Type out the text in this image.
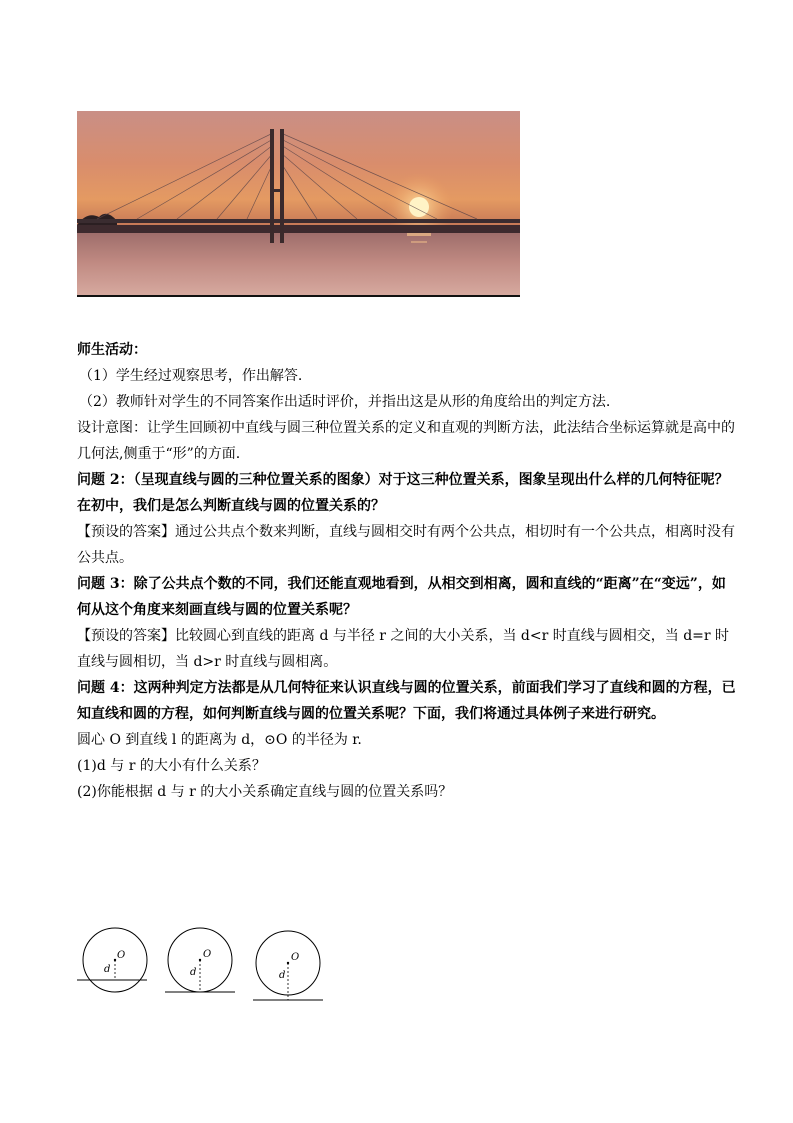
师生活动：

（1）学生经过观察思考，作出解答.

（2）教师针对学生的不同答案作出适时评价，并指出这是从形的角度给出的判定方法.

设计意图：让学生回顾初中直线与圆三种位置关系的定义和直观的判断方法，此法结合坐标运算就是高中的几何法,侧重于“形”的方面.

问题 2：（呈现直线与圆的三种位置关系的图象）对于这三种位置关系，图象呈现出什么样的几何特征呢？在初中，我们是怎么判断直线与圆的位置关系的？

【预设的答案】通过公共点个数来判断，直线与圆相交时有两个公共点，相切时有一个公共点，相离时没有公共点。

问题 3：除了公共点个数的不同，我们还能直观地看到，从相交到相离，圆和直线的“距离”在“变远”，如何从这个角度来刻画直线与圆的位置关系呢？

【预设的答案】比较圆心到直线的距离 d 与半径 r 之间的大小关系，当 d<r 时直线与圆相交，当 d=r 时直线与圆相切，当 d>r 时直线与圆相离。

问题 4：这两种判定方法都是从几何特征来认识直线与圆的位置关系，前面我们学习了直线和圆的方程，已知直线和圆的方程，如何判断直线与圆的位置关系呢？下面，我们将通过具体例子来进行研究。

圆心 O 到直线 l 的距离为 d，⊙O 的半径为 r.

(1)d 与 r 的大小有什么关系？

(2)你能根据 d 与 r 的大小关系确定直线与圆的位置关系吗？

O
d
O
d
O
d
